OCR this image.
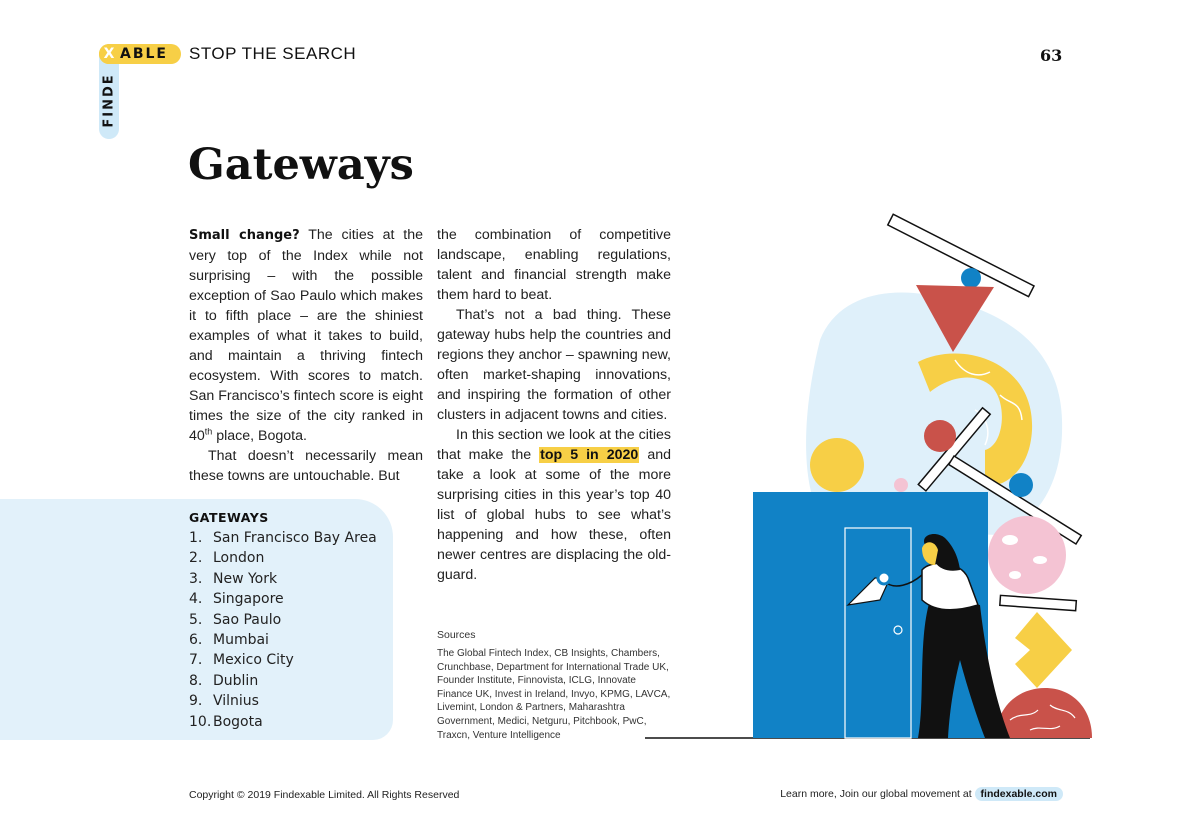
X ABLE
FINDE
STOP THE SEARCH	63
Gateways

Small change? The cities at the very top of the Index while not surprising – with the possible exception of Sao Paulo which makes it to fifth place – are the shiniest examples of what it takes to build, and maintain a thriving fintech ecosystem. With scores to match. San Francisco’s fintech score is eight times the size of the city ranked in 40th place, Bogota.

That doesn’t necessarily mean these towns are untouchable. But

the combination of competitive landscape, enabling regulations, talent and financial strength make them hard to beat.

That’s not a bad thing. These gateway hubs help the countries and regions they anchor – spawning new, often market-shaping innovations, and inspiring the formation of other clusters in adjacent towns and cities.

In this section we look at the cities that make the top 5 in 2020 and take a look at some of the more surprising cities in this year’s top 40 list of global hubs to see what’s happening and how these, often newer centres are displacing the old-guard.

GATEWAYS
1. San Francisco Bay Area
2. London
3. New York
4. Singapore
5. Sao Paulo
6. Mumbai
7. Mexico City
8. Dublin
9. Vilnius
10. Bogota
Sources
The Global Fintech Index, CB Insights, Chambers, Crunchbase, Department for International Trade UK, Founder Institute, Finnovista, ICLG, Innovate Finance UK, Invest in Ireland, Invyo, KPMG, LAVCA, Livemint, London & Partners, Maharashtra Government, Medici, Netguru, Pitchbook, PwC, Traxcn, Venture Intelligence
Copyright © 2019 Findexable Limited. All Rights Reserved	Learn more, Join our global movement at findexable.com
